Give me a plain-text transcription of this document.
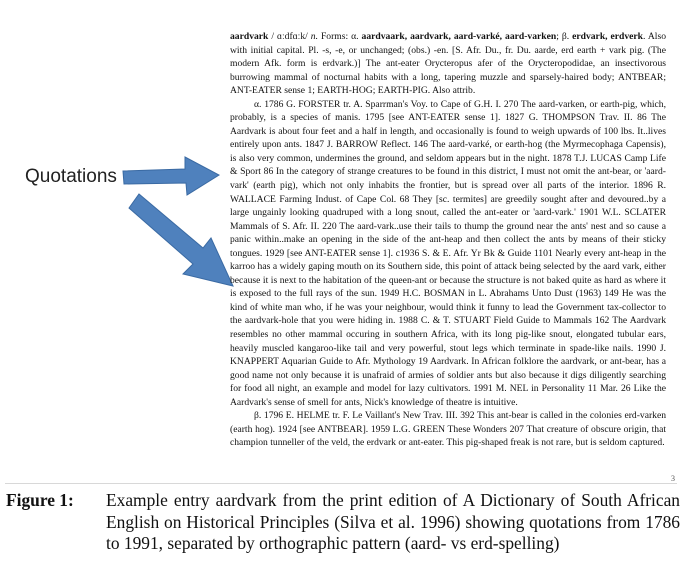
Quotations

aardvark / ɑːdfɑːk/ n. Forms: α. aardvaark, aardvark, aard-varké, aard-varken; β. erdvark, erdverk. Also with initial capital. Pl. -s, -e, or unchanged; (obs.) -en. [S. Afr. Du., fr. Du. aarde, erd earth + vark pig. (The modern Afk. form is erdvark.)] The ant-eater Orycteropus afer of the Orycteropodidae, an insectivorous burrowing mammal of nocturnal habits with a long, tapering muzzle and sparsely-haired body; ANTBEAR; ANT-EATER sense 1; EARTH-HOG; EARTH-PIG. Also attrib.

α. 1786 G. FORSTER tr. A. Sparrman's Voy. to Cape of G.H. I. 270 The aard-varken, or earth-pig, which, probably, is a species of manis. 1795 [see ANT-EATER sense 1]. 1827 G. THOMPSON Trav. II. 86 The Aardvark is about four feet and a half in length, and occasionally is found to weigh upwards of 100 lbs. It..lives entirely upon ants. 1847 J. BARROW Reflect. 146 The aard-varké, or earth-hog (the Myrmecophaga Capensis), is also very common, undermines the ground, and seldom appears but in the night. 1878 T.J. LUCAS Camp Life & Sport 86 In the category of strange creatures to be found in this district, I must not omit the ant-bear, or 'aard-vark' (earth pig), which not only inhabits the frontier, but is spread over all parts of the interior. 1896 R. WALLACE Farming Indust. of Cape Col. 68 They [sc. termites] are greedily sought after and devoured..by a large ungainly looking quadruped with a long snout, called the ant-eater or 'aard-vark.' 1901 W.L. SCLATER Mammals of S. Afr. II. 220 The aard-vark..use their tails to thump the ground near the ants' nest and so cause a panic within..make an opening in the side of the ant-heap and then collect the ants by means of their sticky tongues. 1929 [see ANT-EATER sense 1]. c1936 S. & E. Afr. Yr Bk & Guide 1101 Nearly every ant-heap in the karroo has a widely gaping mouth on its Southern side, this point of attack being selected by the aard vark, either because it is next to the habitation of the queen-ant or because the structure is not baked quite as hard as where it is exposed to the full rays of the sun. 1949 H.C. BOSMAN in L. Abrahams Unto Dust (1963) 149 He was the kind of white man who, if he was your neighbour, would think it funny to lead the Government tax-collector to the aardvark-hole that you were hiding in. 1988 C. & T. STUART Field Guide to Mammals 162 The Aardvark resembles no other mammal occuring in southern Africa, with its long pig-like snout, elongated tubular ears, heavily muscled kangaroo-like tail and very powerful, stout legs which terminate in spade-like nails. 1990 J. KNAPPERT Aquarian Guide to Afr. Mythology 19 Aardvark. In African folklore the aardvark, or ant-bear, has a good name not only because it is unafraid of armies of soldier ants but also because it digs diligently searching for food all night, an example and model for lazy cultivators. 1991 M. NEL in Personality 11 Mar. 26 Like the Aardvark's sense of smell for ants, Nick's knowledge of theatre is intuitive.

β. 1796 E. HELME tr. F. Le Vaillant's New Trav. III. 392 This ant-bear is called in the colonies erd-varken (earth hog). 1924 [see ANTBEAR]. 1959 L.G. GREEN These Wonders 207 That creature of obscure origin, that champion tunneller of the veld, the erdvark or ant-eater. This pig-shaped freak is not rare, but is seldom captured.

3
Figure 1: Example entry aardvark from the print edition of A Dictionary of South African English on Historical Principles (Silva et al. 1996) showing quotations from 1786 to 1991, separated by orthographic pattern (aard- vs erd-spelling)
